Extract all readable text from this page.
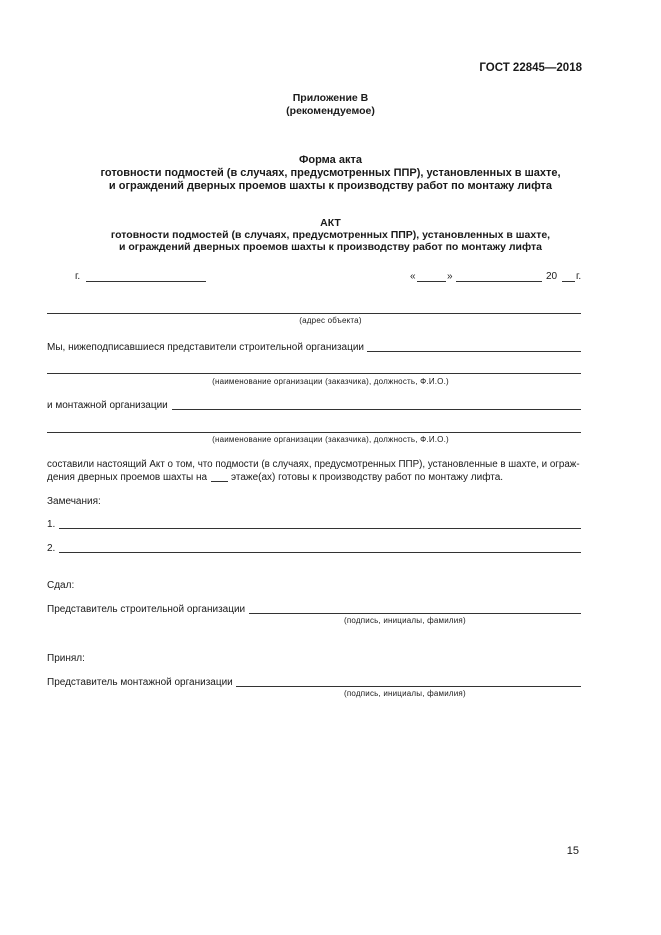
ГОСТ 22845—2018
Приложение В
(рекомендуемое)
Форма акта
готовности подмостей (в случаях, предусмотренных ППР), установленных в шахте,
и ограждений дверных проемов шахты к производству работ по монтажу лифта
АКТ
готовности подмостей (в случаях, предусмотренных ППР), установленных в шахте,
и ограждений дверных проемов шахты к производству работ по монтажу лифта
г.	«	»	20 г.
(адрес объекта)
Мы, нижеподписавшиеся представители строительной организации
(наименование организации (заказчика), должность, Ф.И.О.)
и монтажной организации
(наименование организации (заказчика), должность, Ф.И.О.)
составили настоящий Акт о том, что подмости (в случаях, предусмотренных ППР), установленные в шахте, и ограж-
дения дверных проемов шахты на этаже(ах) готовы к производству работ по монтажу лифта.
Замечания:
1.
2.
Сдал:
Представитель строительной организации
(подпись, инициалы, фамилия)
Принял:
Представитель монтажной организации
(подпись, инициалы, фамилия)
15
